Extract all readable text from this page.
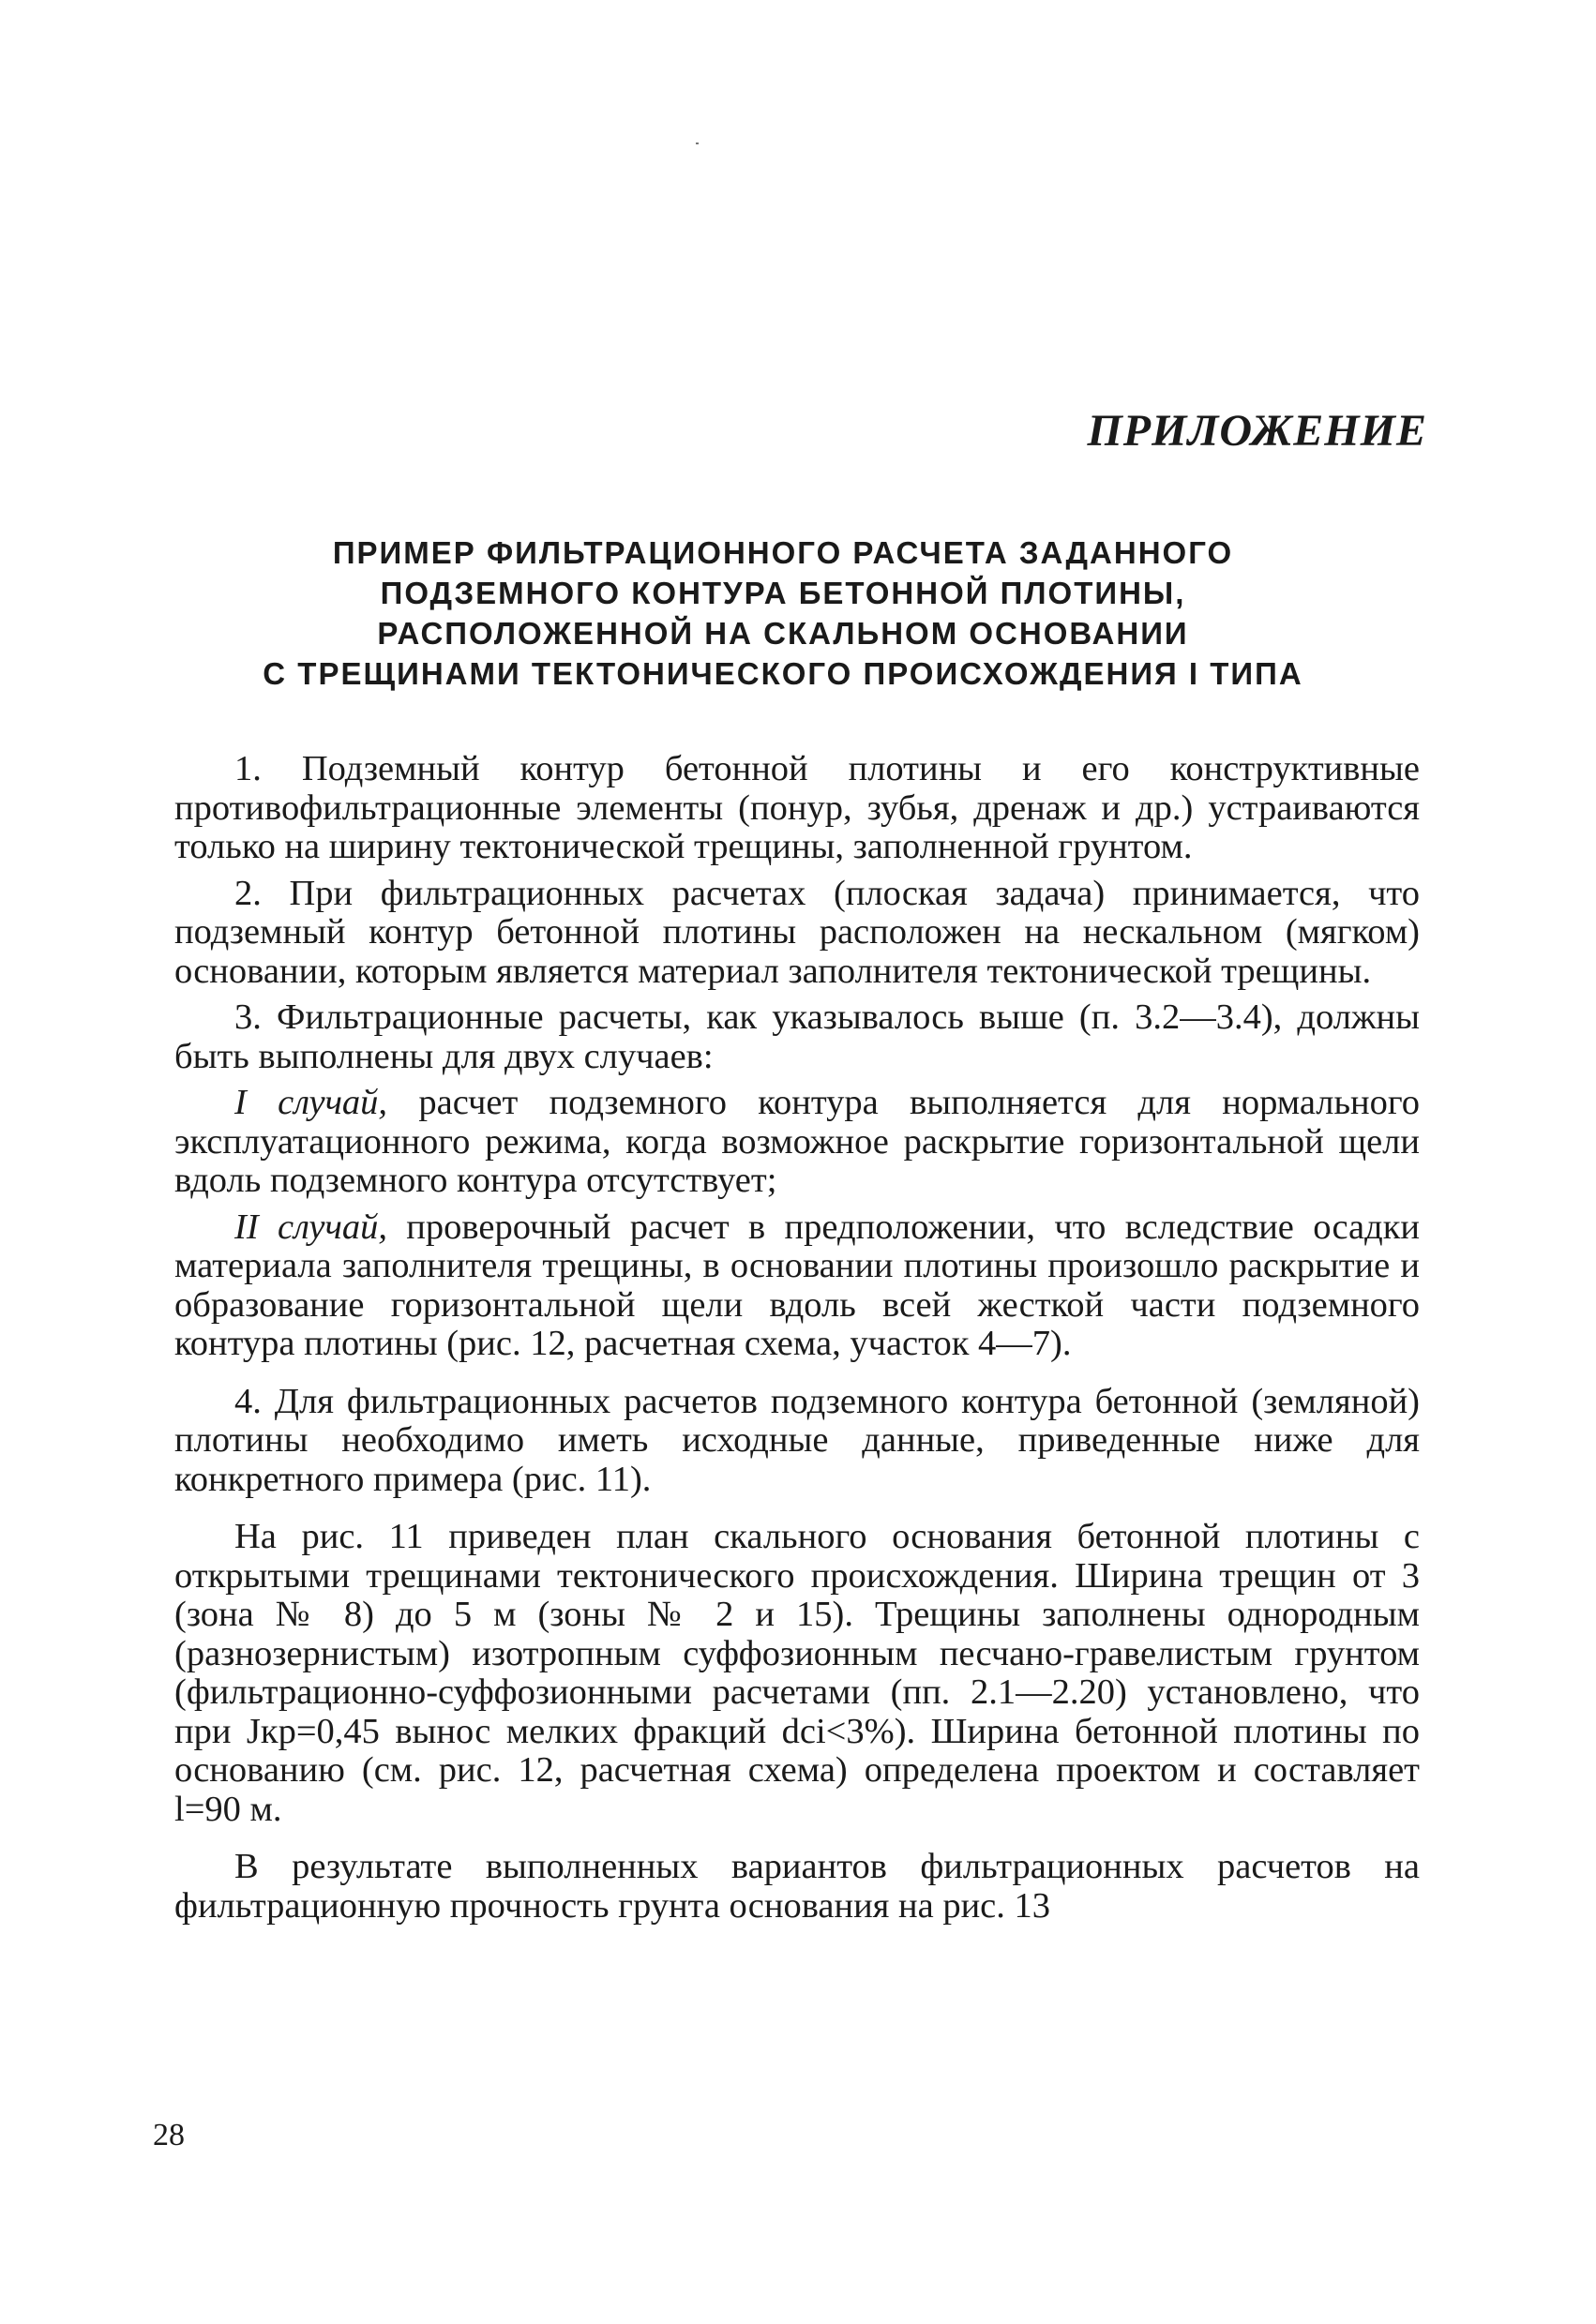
ПРИЛОЖЕНИЕ

ПРИМЕР ФИЛЬТРАЦИОННОГО РАСЧЕТА ЗАДАННОГО
ПОДЗЕМНОГО КОНТУРА БЕТОННОЙ ПЛОТИНЫ,
РАСПОЛОЖЕННОЙ НА СКАЛЬНОМ ОСНОВАНИИ
С ТРЕЩИНАМИ ТЕКТОНИЧЕСКОГО ПРОИСХОЖДЕНИЯ I ТИПА

1. Подземный контур бетонной плотины и его конструктивные противофильтрационные элементы (понур, зубья, дренаж и др.) устраиваются только на ширину тектонической трещины, заполненной грунтом.

2. При фильтрационных расчетах (плоская задача) принимается, что подземный контур бетонной плотины расположен на нескальном (мягком) основании, которым является материал заполнителя тектонической трещины.

3. Фильтрационные расчеты, как указывалось выше (п. 3.2—3.4), должны быть выполнены для двух случаев:

I случай, расчет подземного контура выполняется для нормального эксплуатационного режима, когда возможное раскрытие горизонтальной щели вдоль подземного контура отсутствует;

II случай, проверочный расчет в предположении, что вследствие осадки материала заполнителя трещины, в основании плотины произошло раскрытие и образование горизонтальной щели вдоль всей жесткой части подземного контура плотины (рис. 12, расчетная схема, участок 4—7).

4. Для фильтрационных расчетов подземного контура бетонной (земляной) плотины необходимо иметь исходные данные, приведенные ниже для конкретного примера (рис. 11).

На рис. 11 приведен план скального основания бетонной плотины с открытыми трещинами тектонического происхождения. Ширина трещин от 3 (зона № 8) до 5 м (зоны № 2 и 15). Трещины заполнены однородным (разнозернистым) изотропным суффозионным песчано-гравелистым грунтом (фильтрационно-суффозионными расчетами (пп. 2.1—2.20) установлено, что при Jкр=0,45 вынос мелких фракций dci<3%). Ширина бетонной плотины по основанию (см. рис. 12, расчетная схема) определена проектом и составляет l=90 м.

В результате выполненных вариантов фильтрационных расчетов на фильтрационную прочность грунта основания на рис. 13

28
